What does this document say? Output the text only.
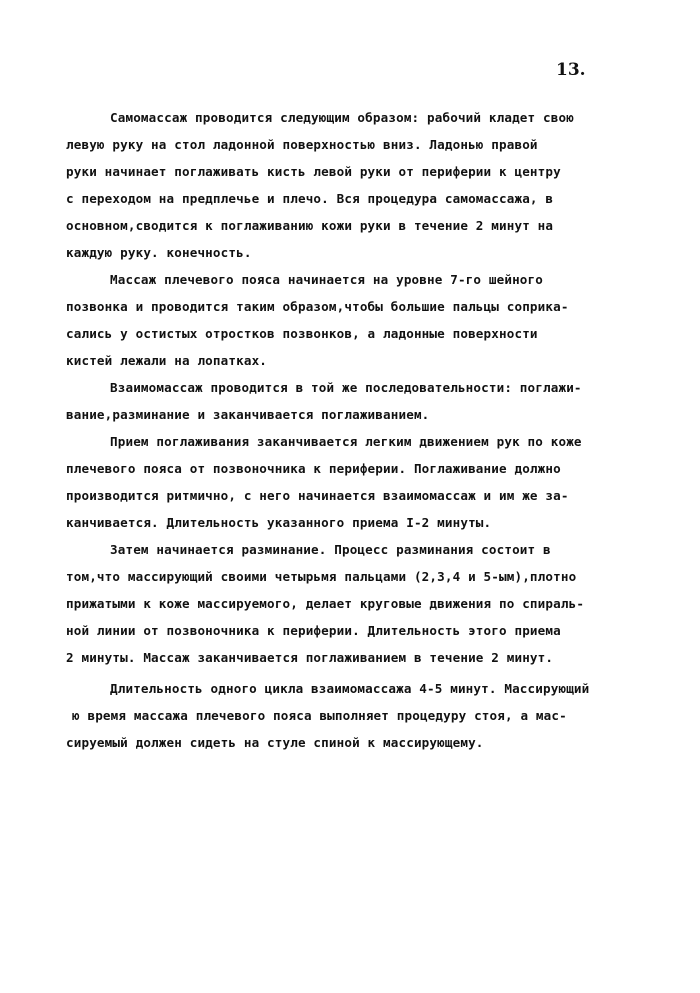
13.
Самомассаж проводится следующим образом: рабочий кладет свою
левую руку на стол ладонной поверхностью вниз. Ладонью правой
руки начинает поглаживать кисть левой руки от периферии к центру
с переходом на предплечье и плечо. Вся процедура самомассажа, в
основном,сводится к поглаживанию кожи руки в течение 2 минут на
каждую руку. конечность.
Массаж плечевого пояса начинается на уровне 7-го шейного
позвонка и проводится таким образом,чтобы большие пальцы соприка-
сались у остистых отростков позвонков, а ладонные поверхности
кистей лежали на лопатках.
Взаимомассаж проводится в той же последовательности: поглажи-
вание,разминание и заканчивается поглаживанием.
Прием поглаживания заканчивается легким движением рук по коже
плечевого пояса от позвоночника к периферии. Поглаживание должно
производится ритмично, с него начинается взаимомассаж и им же за-
канчивается. Длительность указанного приема I-2 минуты.
Затем начинается разминание. Процесс разминания состоит в
том,что массирующий своими четырьмя пальцами (2,3,4 и 5-ым),плотно
прижатыми к коже массируемого, делает круговые движения по спираль-
ной линии от позвоночника к периферии. Длительность этого приема
2 минуты. Массаж заканчивается поглаживанием в течение 2 минут.
Длительность одного цикла взаимомассажа 4-5 минут. Массирующий
ю время массажа плечевого пояса выполняет процедуру стоя, а мас-
сируемый должен сидеть на стуле спиной к массирующему.
